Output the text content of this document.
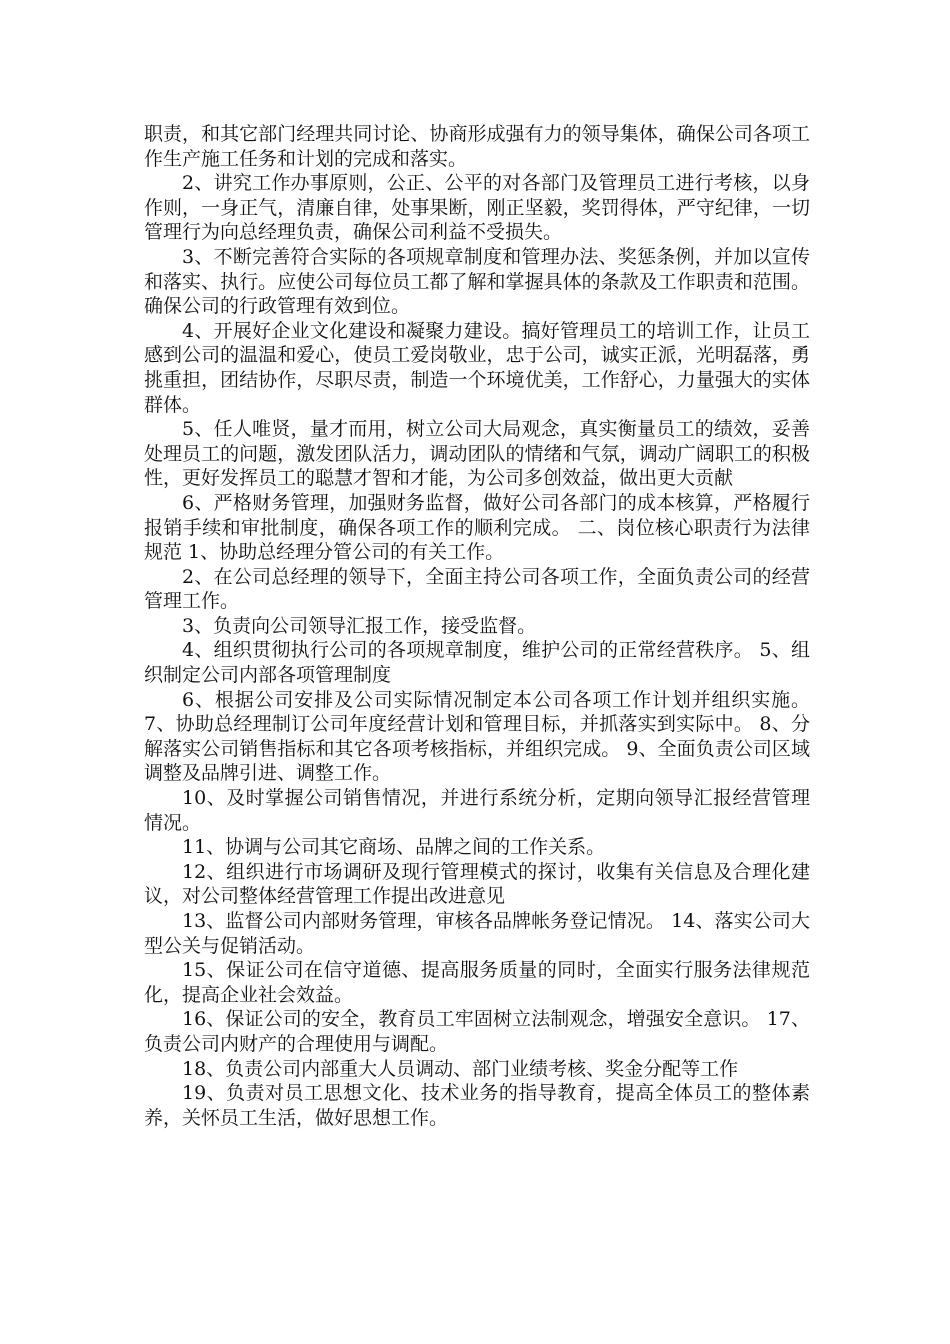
职责，和其它部门经理共同讨论、协商形成强有力的领导集体，确保公司各项工作生产施工任务和计划的完成和落实。

2、讲究工作办事原则，公正、公平的对各部门及管理员工进行考核，以身作则，一身正气，清廉自律，处事果断，刚正坚毅，奖罚得体，严守纪律，一切管理行为向总经理负责，确保公司利益不受损失。

3、不断完善符合实际的各项规章制度和管理办法、奖惩条例，并加以宣传和落实、执行。应使公司每位员工都了解和掌握具体的条款及工作职责和范围。确保公司的行政管理有效到位。

4、开展好企业文化建设和凝聚力建设。搞好管理员工的培训工作，让员工感到公司的温温和爱心，使员工爱岗敬业，忠于公司，诚实正派，光明磊落，勇挑重担，团结协作，尽职尽责，制造一个环境优美，工作舒心，力量强大的实体群体。

5、任人唯贤，量才而用，树立公司大局观念，真实衡量员工的绩效，妥善处理员工的问题，激发团队活力，调动团队的情绪和气氛，调动广阔职工的积极性，更好发挥员工的聪慧才智和才能，为公司多创效益，做出更大贡献

6、严格财务管理，加强财务监督，做好公司各部门的成本核算，严格履行报销手续和审批制度，确保各项工作的顺利完成。 二、岗位核心职责行为法律规范 1、协助总经理分管公司的有关工作。

2、在公司总经理的领导下，全面主持公司各项工作，全面负责公司的经营管理工作。

3、负责向公司领导汇报工作，接受监督。

4、组织贯彻执行公司的各项规章制度，维护公司的正常经营秩序。 5、组织制定公司内部各项管理制度

6、根据公司安排及公司实际情况制定本公司各项工作计划并组织实施。 7、协助总经理制订公司年度经营计划和管理目标，并抓落实到实际中。 8、分解落实公司销售指标和其它各项考核指标，并组织完成。 9、全面负责公司区域调整及品牌引进、调整工作。

10、及时掌握公司销售情况，并进行系统分析，定期向领导汇报经营管理情况。

11、协调与公司其它商场、品牌之间的工作关系。

12、组织进行市场调研及现行管理模式的探讨，收集有关信息及合理化建议，对公司整体经营管理工作提出改进意见

13、监督公司内部财务管理，审核各品牌帐务登记情况。 14、落实公司大型公关与促销活动。

15、保证公司在信守道德、提高服务质量的同时，全面实行服务法律规范化，提高企业社会效益。

16、保证公司的安全，教育员工牢固树立法制观念，增强安全意识。 17、负责公司内财产的合理使用与调配。

18、负责公司内部重大人员调动、部门业绩考核、奖金分配等工作

19、负责对员工思想文化、技术业务的指导教育，提高全体员工的整体素养，关怀员工生活，做好思想工作。
